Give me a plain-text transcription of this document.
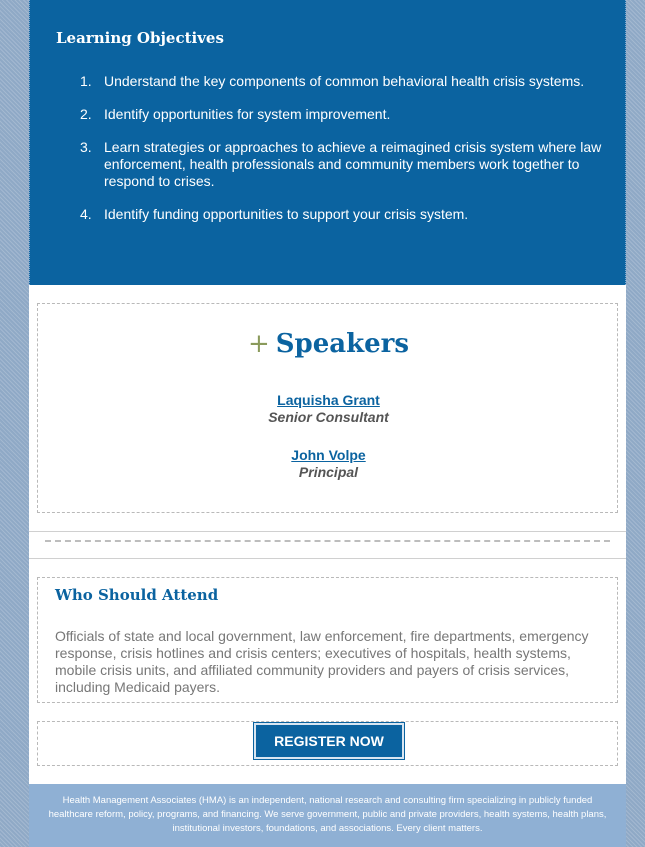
Learning Objectives
1. Understand the key components of common behavioral health crisis systems.
2. Identify opportunities for system improvement.
3. Learn strategies or approaches to achieve a reimagined crisis system where law enforcement, health professionals and community members work together to respond to crises.
4. Identify funding opportunities to support your crisis system.
+ Speakers
Laquisha Grant
Senior Consultant
John Volpe
Principal
Who Should Attend

Officials of state and local government, law enforcement, fire departments, emergency response, crisis hotlines and crisis centers; executives of hospitals, health systems, mobile crisis units, and affiliated community providers and payers of crisis services, including Medicaid payers.

REGISTER NOW

Health Management Associates (HMA) is an independent, national research and consulting firm specializing in publicly funded healthcare reform, policy, programs, and financing. We serve government, public and private providers, health systems, health plans, institutional investors, foundations, and associations. Every client matters.
